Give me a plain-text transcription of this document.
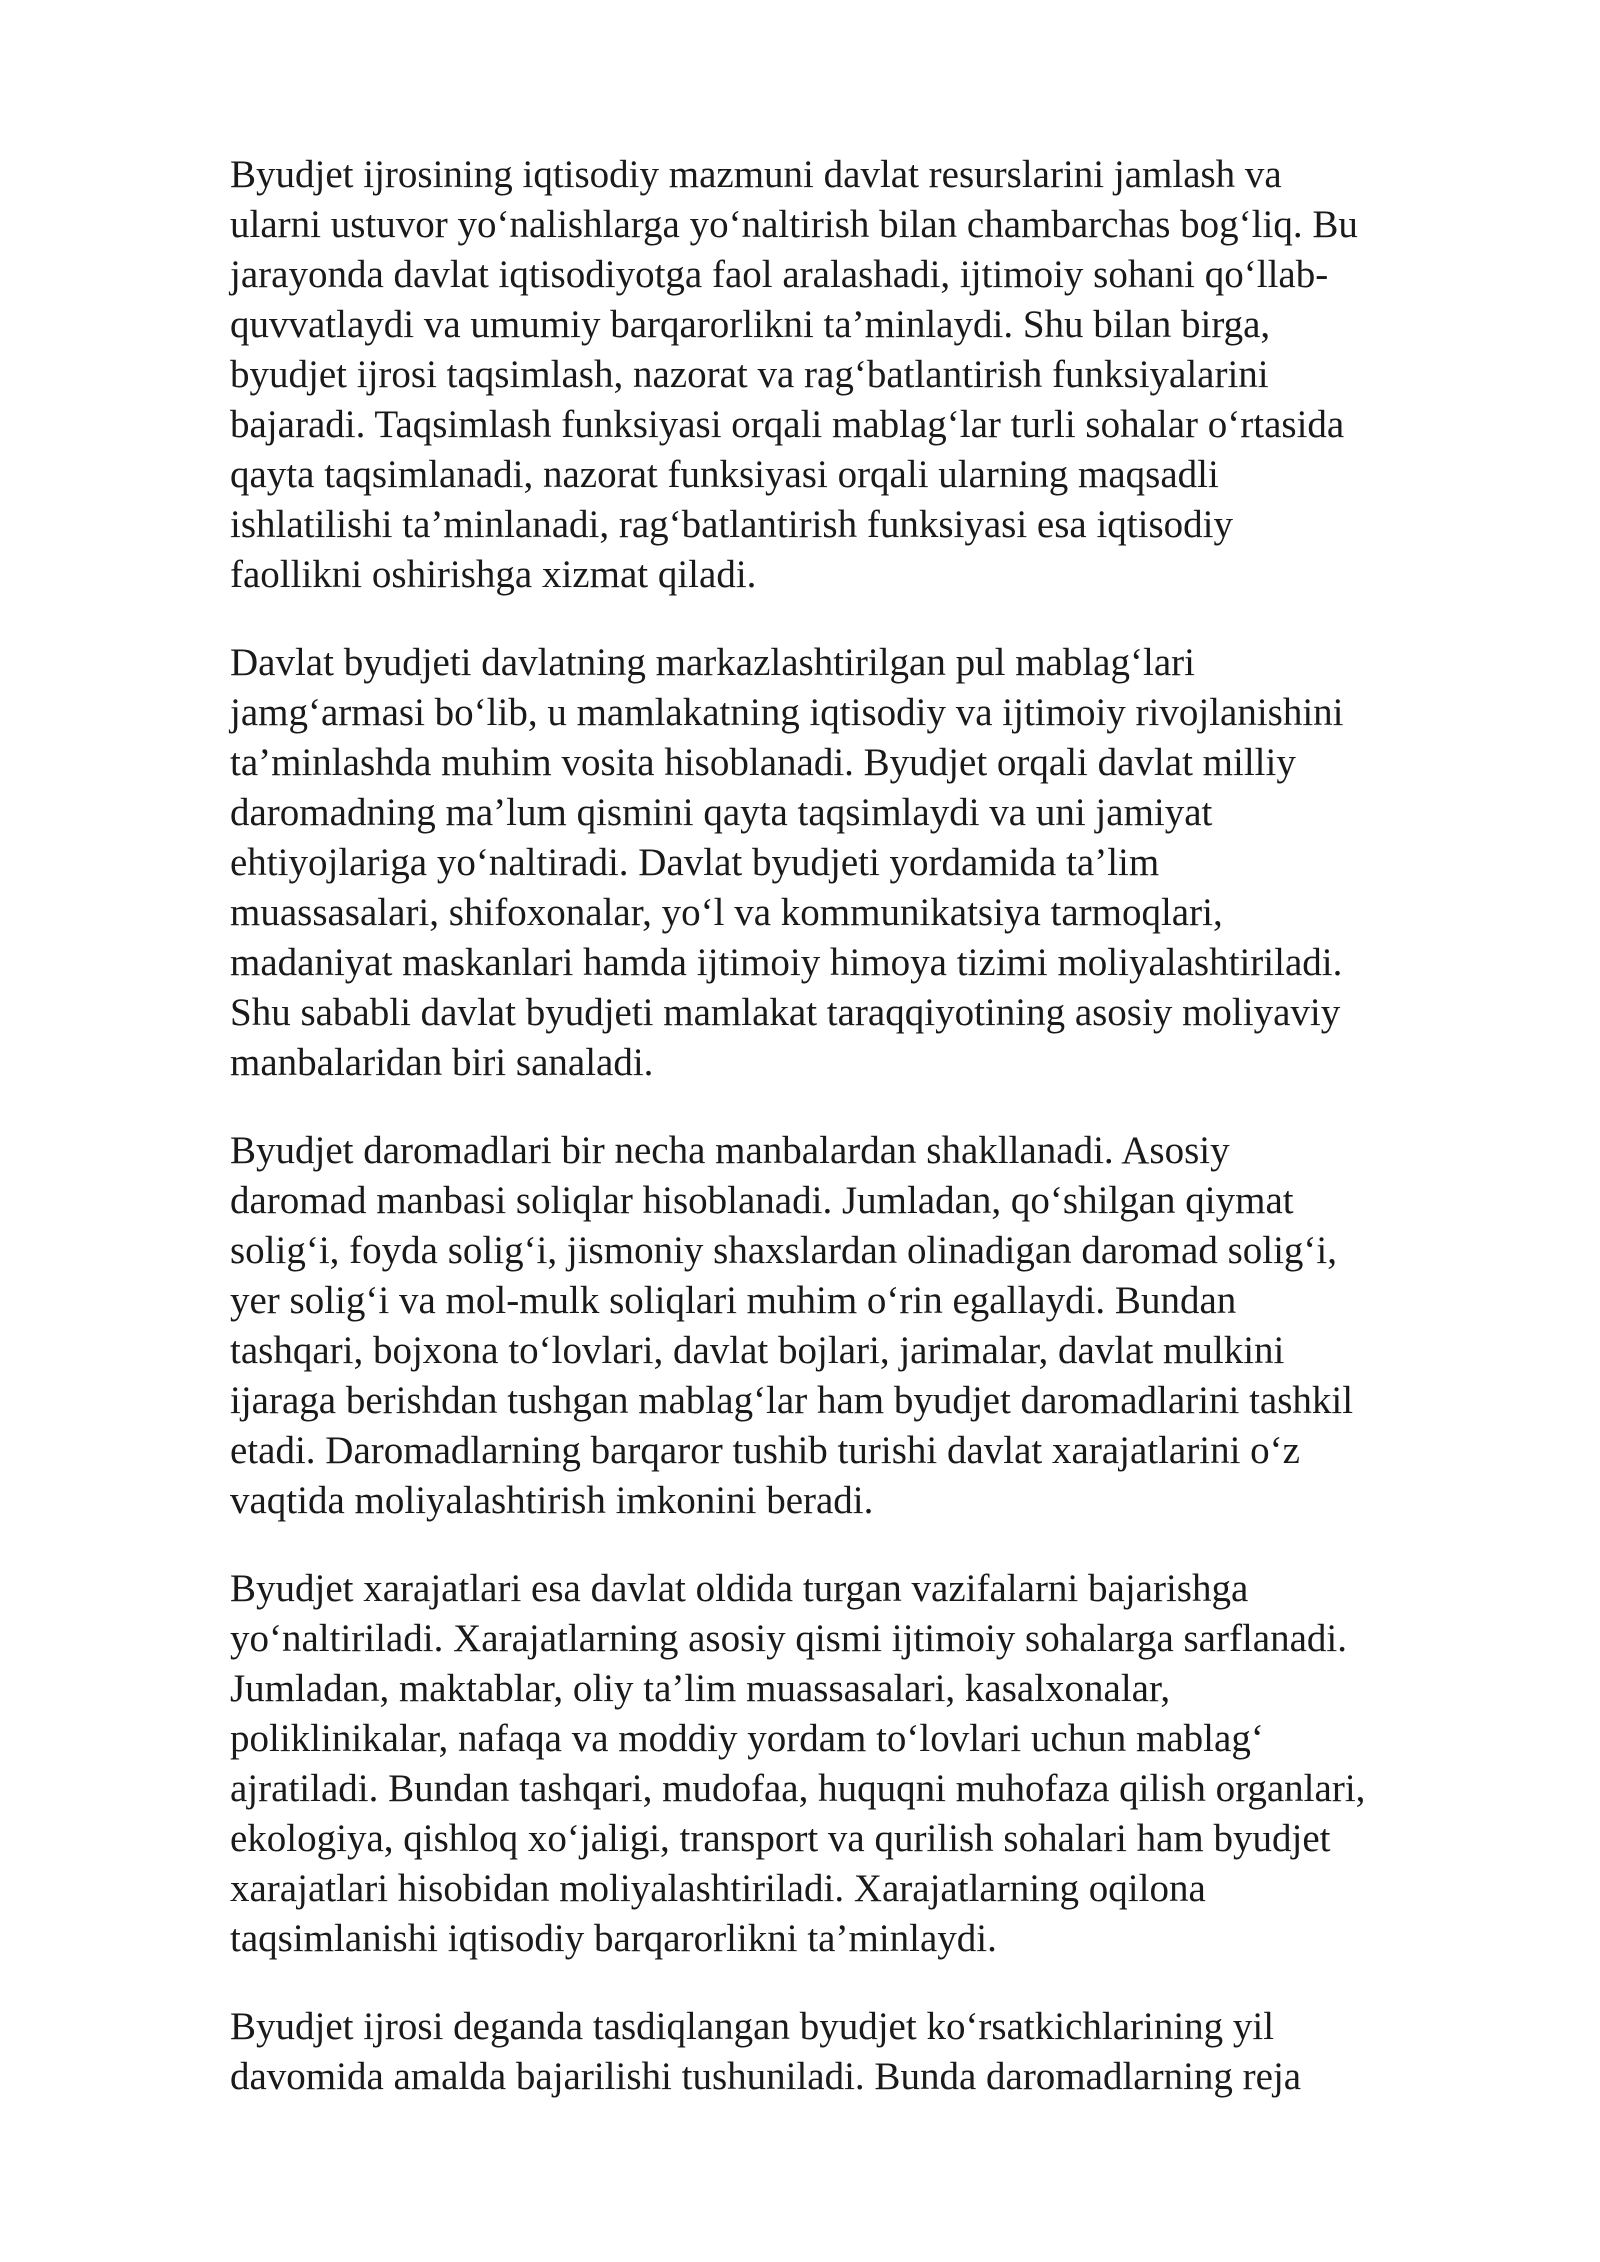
Byudjet ijrosining iqtisodiy mazmuni davlat resurslarini jamlash va
ularni ustuvor yo‘nalishlarga yo‘naltirish bilan chambarchas bog‘liq. Bu
jarayonda davlat iqtisodiyotga faol aralashadi, ijtimoiy sohani qo‘llab-
quvvatlaydi va umumiy barqarorlikni ta’minlaydi. Shu bilan birga,
byudjet ijrosi taqsimlash, nazorat va rag‘batlantirish funksiyalarini
bajaradi. Taqsimlash funksiyasi orqali mablag‘lar turli sohalar o‘rtasida
qayta taqsimlanadi, nazorat funksiyasi orqali ularning maqsadli
ishlatilishi ta’minlanadi, rag‘batlantirish funksiyasi esa iqtisodiy
faollikni oshirishga xizmat qiladi.

Davlat byudjeti davlatning markazlashtirilgan pul mablag‘lari
jamg‘armasi bo‘lib, u mamlakatning iqtisodiy va ijtimoiy rivojlanishini
ta’minlashda muhim vosita hisoblanadi. Byudjet orqali davlat milliy
daromadning ma’lum qismini qayta taqsimlaydi va uni jamiyat
ehtiyojlariga yo‘naltiradi. Davlat byudjeti yordamida ta’lim
muassasalari, shifoxonalar, yo‘l va kommunikatsiya tarmoqlari,
madaniyat maskanlari hamda ijtimoiy himoya tizimi moliyalashtiriladi.
Shu sababli davlat byudjeti mamlakat taraqqiyotining asosiy moliyaviy
manbalaridan biri sanaladi.

Byudjet daromadlari bir necha manbalardan shakllanadi. Asosiy
daromad manbasi soliqlar hisoblanadi. Jumladan, qo‘shilgan qiymat
solig‘i, foyda solig‘i, jismoniy shaxslardan olinadigan daromad solig‘i,
yer solig‘i va mol-mulk soliqlari muhim o‘rin egallaydi. Bundan
tashqari, bojxona to‘lovlari, davlat bojlari, jarimalar, davlat mulkini
ijaraga berishdan tushgan mablag‘lar ham byudjet daromadlarini tashkil
etadi. Daromadlarning barqaror tushib turishi davlat xarajatlarini o‘z
vaqtida moliyalashtirish imkonini beradi.

Byudjet xarajatlari esa davlat oldida turgan vazifalarni bajarishga
yo‘naltiriladi. Xarajatlarning asosiy qismi ijtimoiy sohalarga sarflanadi.
Jumladan, maktablar, oliy ta’lim muassasalari, kasalxonalar,
poliklinikalar, nafaqa va moddiy yordam to‘lovlari uchun mablag‘
ajratiladi. Bundan tashqari, mudofaa, huquqni muhofaza qilish organlari,
ekologiya, qishloq xo‘jaligi, transport va qurilish sohalari ham byudjet
xarajatlari hisobidan moliyalashtiriladi. Xarajatlarning oqilona
taqsimlanishi iqtisodiy barqarorlikni ta’minlaydi.

Byudjet ijrosi deganda tasdiqlangan byudjet ko‘rsatkichlarining yil
davomida amalda bajarilishi tushuniladi. Bunda daromadlarning reja
